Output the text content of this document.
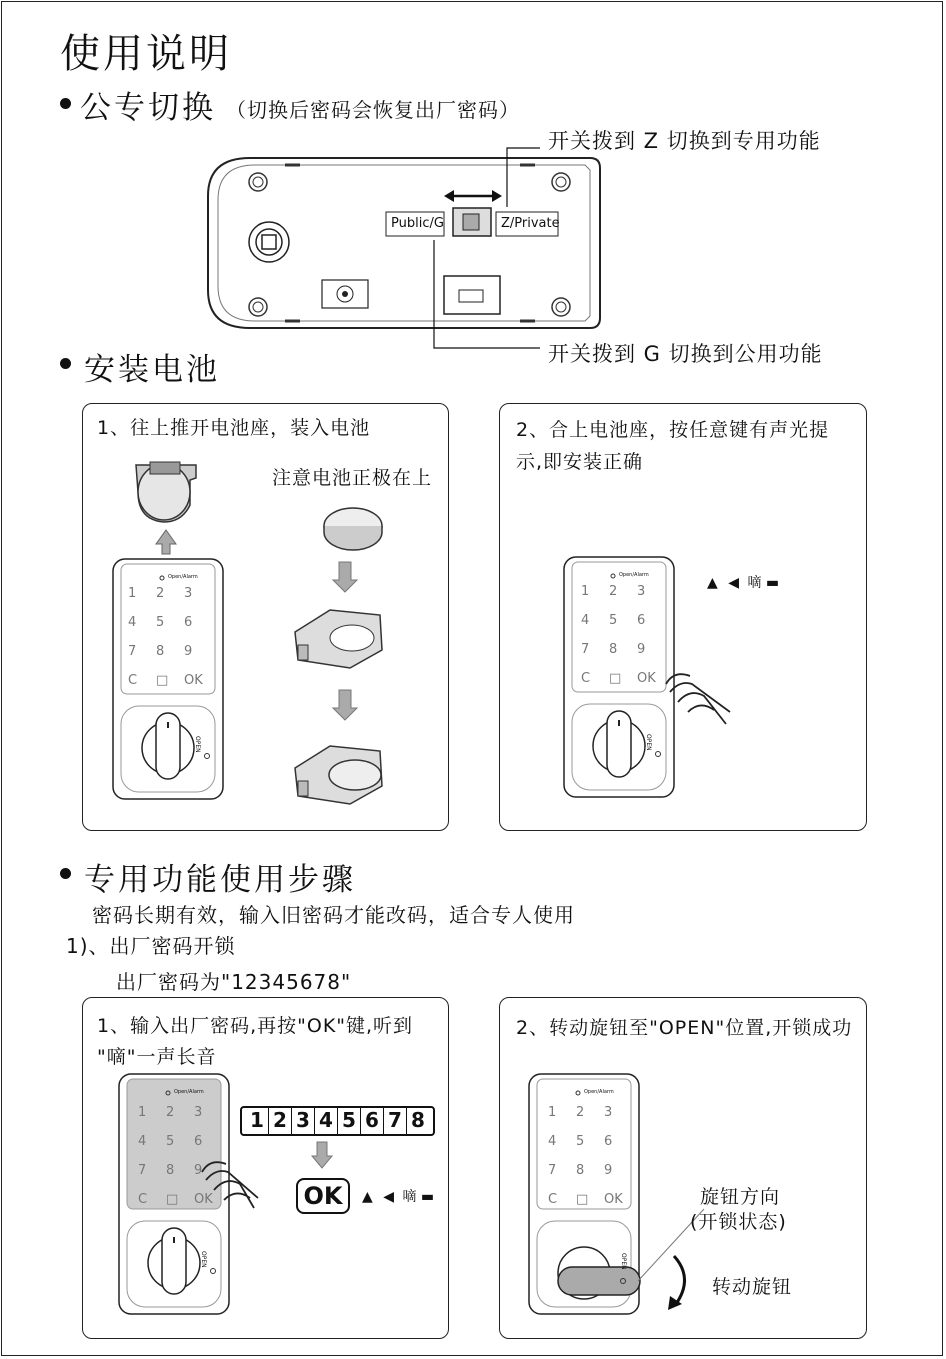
使用说明
公专切换 （切换后密码会恢复出厂密码）
开关拨到 Z 切换到专用功能
开关拨到 G 切换到公用功能
Public/G	Z/Private
安装电池
1、往上推开电池座，装入电池
注意电池正极在上
2、合上电池座，按任意键有声光提
示,即安装正确
Open/Alarm
OPEN
1	2	3
4	5	6
7	8	9
C	□	OK
Open/Alarm
OPEN
1	2	3
4	5	6
7	8	9
C	□	OK
▲ ◀ 嘀 ▬
专用功能使用步骤
密码长期有效，输入旧密码才能改码，适合专人使用
1)、出厂密码开锁
出厂密码为"12345678"
1、输入出厂密码,再按"OK"键,听到
"嘀"一声长音
2、转动旋钮至"OPEN"位置,开锁成功
Open/Alarm
OPEN
1	2	3
4	5	6
7	8	9
C	□	OK
1 2 3 4 5 6 7 8
OK	▲ ◀ 嘀 ▬
Open/Alarm
OPEN
1	2	3
4	5	6
7	8	9
C	□	OK	旋钮方向
(开锁状态)
转动旋钮
